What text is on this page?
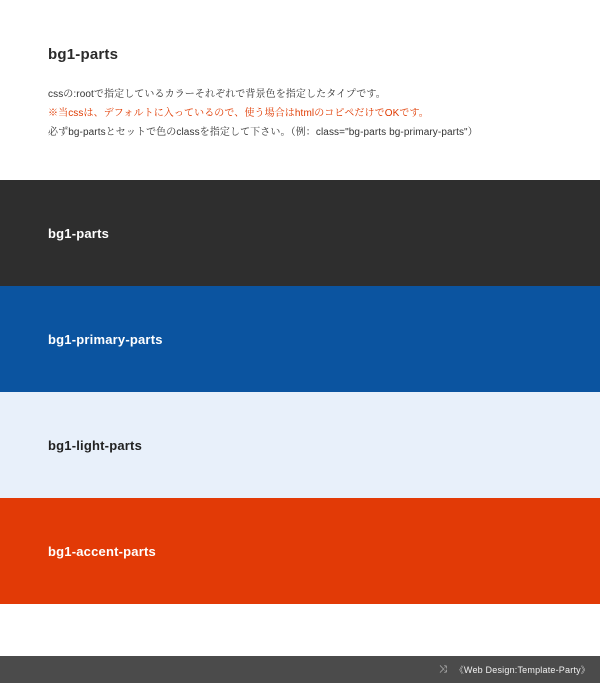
bg1-parts

cssの:rootで指定しているカラーそれぞれで背景色を指定したタイプです。

※当cssは、デフォルトに入っているので、使う場合はhtmlのコピペだけでOKです。

必ずbg-partsとセットで色のclassを指定して下さい。（例：class="bg-parts bg-primary-parts"）

bg1-parts
bg1-primary-parts
bg1-light-parts
bg1-accent-parts
⤨ 《Web Design:Template-Party》
